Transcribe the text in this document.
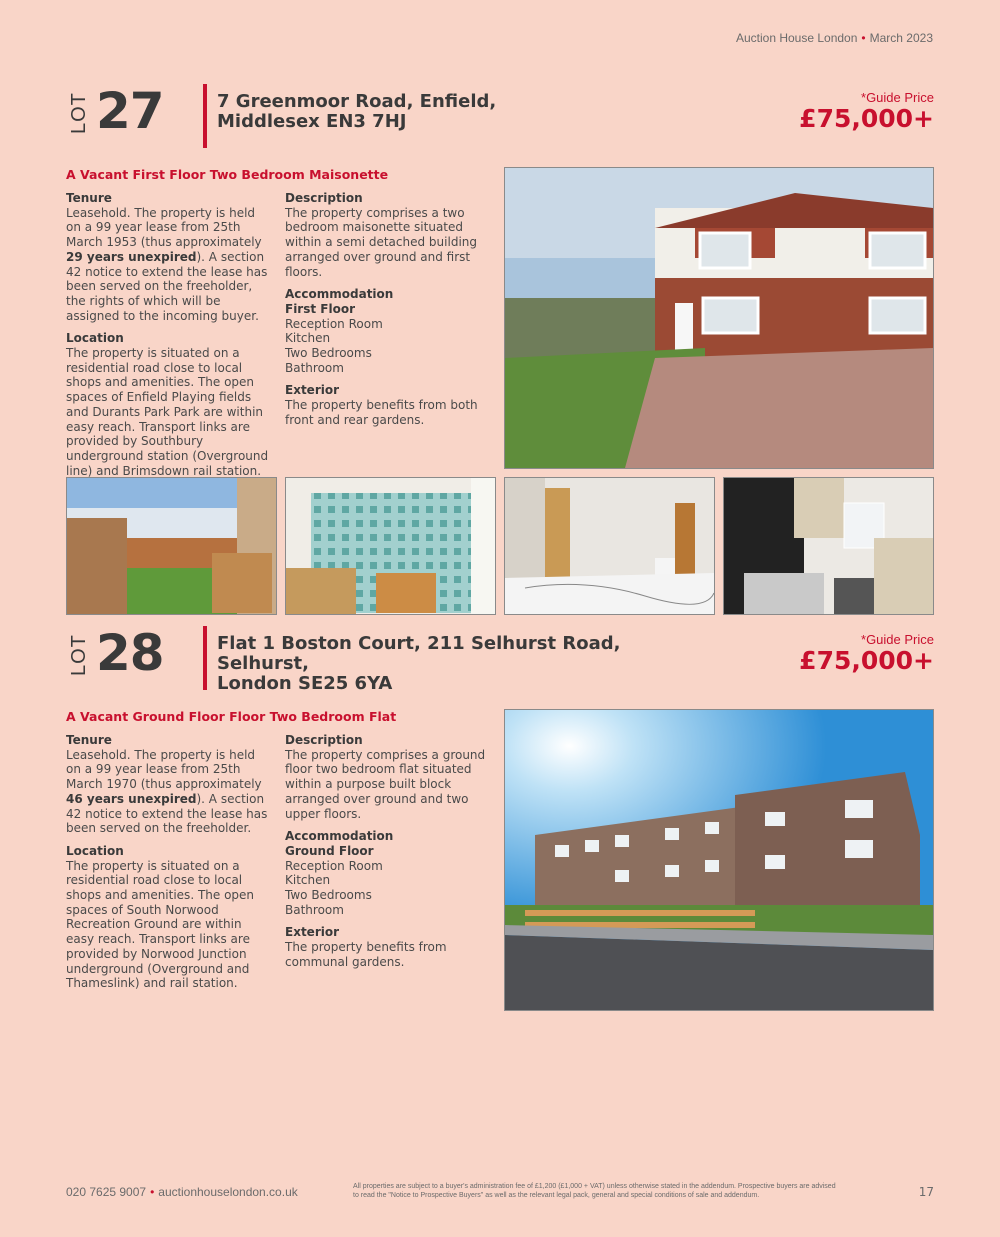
Auction House London • March 2023
LOT 27	7 Greenmoor Road, Enfield,
Middlesex EN3 7HJ
*Guide Price
£75,000+
A Vacant First Floor Two Bedroom Maisonette
Tenure

Leasehold. The property is held on a 99 year lease from 25th March 1953 (thus approximately 29 years unexpired). A section 42 notice to extend the lease has been served on the freeholder, the rights of which will be assigned to the incoming buyer.

Location

The property is situated on a residential road close to local shops and amenities. The open spaces of Enfield Playing fields and Durants Park Park are within easy reach. Transport links are provided by Southbury underground station (Overground line) and Brimsdown rail station.

Description

The property comprises a two bedroom maisonette situated within a semi detached building arranged over ground and first floors.

Accommodation
First Floor

Reception Room
Kitchen
Two Bedrooms
Bathroom

Exterior

The property benefits from both front and rear gardens.

LOT 28	Flat 1 Boston Court, 211 Selhurst Road, Selhurst,
London SE25 6YA
*Guide Price
£75,000+
A Vacant Ground Floor Floor Two Bedroom Flat
Tenure

Leasehold. The property is held on a 99 year lease from 25th March 1970 (thus approximately 46 years unexpired). A section 42 notice to extend the lease has been served on the freeholder.

Location

The property is situated on a residential road close to local shops and amenities. The open spaces of South Norwood Recreation Ground are within easy reach. Transport links are provided by Norwood Junction underground (Overground and Thameslink) and rail station.

Description

The property comprises a ground floor two bedroom flat situated within a purpose built block arranged over ground and two upper floors.

Accommodation
Ground Floor

Reception Room
Kitchen
Two Bedrooms
Bathroom

Exterior

The property benefits from communal gardens.

020 7625 9007 • auctionhouselondon.co.uk	All properties are subject to a buyer's administration fee of £1,200 (£1,000 + VAT) unless otherwise stated in the addendum. Prospective buyers are advised to read the "Notice to Prospective Buyers" as well as the relevant legal pack, general and special conditions of sale and addendum.	17
